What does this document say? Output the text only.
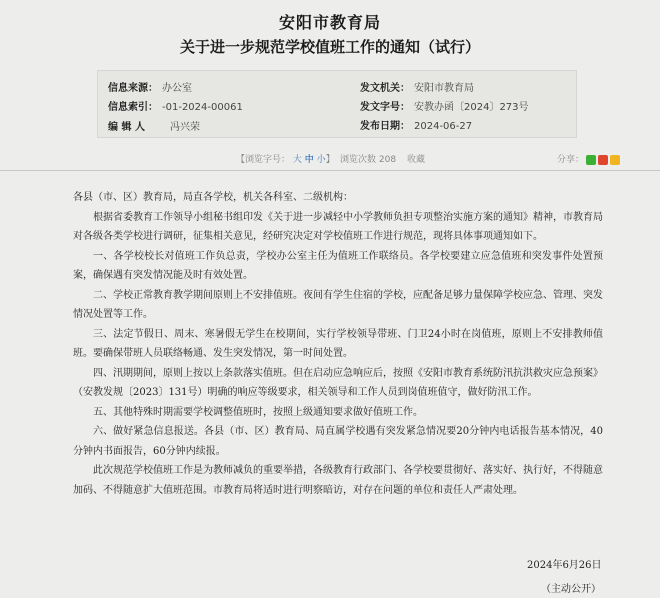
安阳市教育局
关于进一步规范学校值班工作的通知（试行）
信息来源： 办公室	发文机关： 安阳市教育局
信息索引： -01-2024-00061	发文字号： 安教办函〔2024〕273号
编 辑 人	冯兴荣	发布日期： 2024-06-27
【浏览字号： 大 中 小】 浏览次数 208 收藏	分享：

各县（市、区）教育局，局直各学校，机关各科室、二级机构：

根据省委教育工作领导小组秘书组印发《关于进一步减轻中小学教师负担专项整治实施方案的通知》精神，市教育局对各级各类学校进行调研，征集相关意见，经研究决定对学校值班工作进行规范，现将具体事项通知如下。

一、各学校校长对值班工作负总责，学校办公室主任为值班工作联络员。各学校要建立应急值班和突发事件处置预案，确保遇有突发情况能及时有效处置。

二、学校正常教育教学期间原则上不安排值班。夜间有学生住宿的学校，应配备足够力量保障学校应急、管理、突发情况处置等工作。

三、法定节假日、周末、寒暑假无学生在校期间，实行学校领导带班、门卫24小时在岗值班，原则上不安排教师值班。要确保带班人员联络畅通、发生突发情况，第一时间处置。

四、汛期期间，原则上按以上条款落实值班。但在启动应急响应后，按照《安阳市教育系统防汛抗洪救灾应急预案》（安教发规〔2023〕131号）明确的响应等级要求，相关领导和工作人员到岗值班值守，做好防汛工作。

五、其他特殊时期需要学校调整值班时，按照上级通知要求做好值班工作。

六、做好紧急信息报送。各县（市、区）教育局、局直属学校遇有突发紧急情况要20分钟内电话报告基本情况，40分钟内书面报告，60分钟内续报。

此次规范学校值班工作是为教师减负的重要举措，各级教育行政部门、各学校要贯彻好、落实好、执行好，不得随意加码、不得随意扩大值班范围。市教育局将适时进行明察暗访，对存在问题的单位和责任人严肃处理。

2024年6月26日
（主动公开）
